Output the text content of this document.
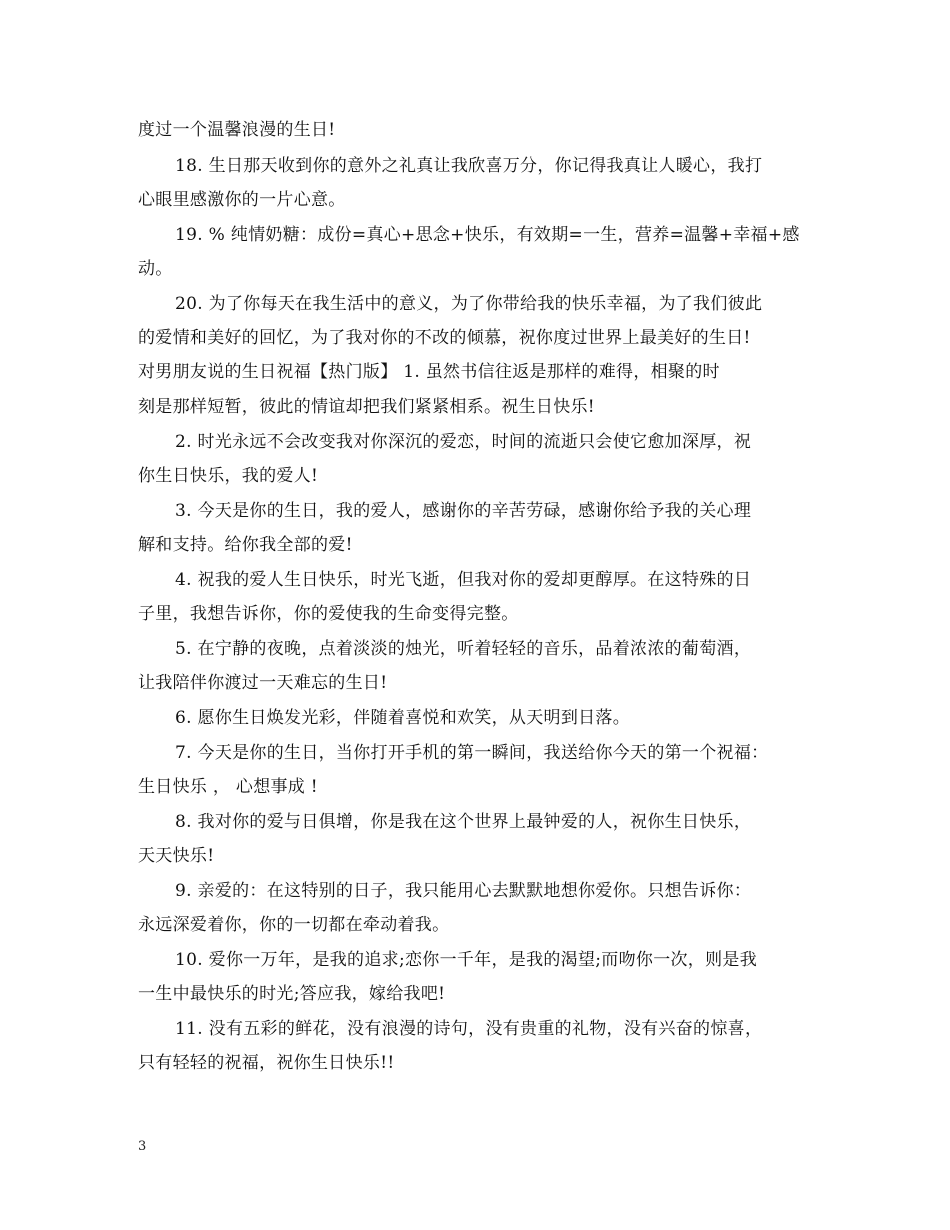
度过一个温馨浪漫的生日!
18. 生日那天收到你的意外之礼真让我欣喜万分，你记得我真让人暖心，我打
心眼里感激你的一片心意。
19. % 纯情奶糖：成份=真心+思念+快乐，有效期=一生，营养=温馨+幸福+感
动。
20. 为了你每天在我生活中的意义，为了你带给我的快乐幸福，为了我们彼此
的爱情和美好的回忆，为了我对你的不改的倾慕，祝你度过世界上最美好的生日!
对男朋友说的生日祝福【热门版】 1. 虽然书信往返是那样的难得，相聚的时
刻是那样短暂，彼此的情谊却把我们紧紧相系。祝生日快乐!
2. 时光永远不会改变我对你深沉的爱恋，时间的流逝只会使它愈加深厚，祝
你生日快乐，我的爱人!
3. 今天是你的生日，我的爱人，感谢你的辛苦劳碌，感谢你给予我的关心理
解和支持。给你我全部的爱!
4. 祝我的爱人生日快乐，时光飞逝，但我对你的爱却更醇厚。在这特殊的日
子里，我想告诉你，你的爱使我的生命变得完整。
5. 在宁静的夜晚，点着淡淡的烛光，听着轻轻的音乐，品着浓浓的葡萄酒，
让我陪伴你渡过一天难忘的生日!
6. 愿你生日焕发光彩，伴随着喜悦和欢笑，从天明到日落。
7. 今天是你的生日，当你打开手机的第一瞬间，我送给你今天的第一个祝福：
生日快乐 ， 心想事成 !
8. 我对你的爱与日俱增，你是我在这个世界上最钟爱的人，祝你生日快乐，
天天快乐!
9. 亲爱的：在这特别的日子，我只能用心去默默地想你爱你。只想告诉你：
永远深爱着你，你的一切都在牵动着我。
10. 爱你一万年，是我的追求;恋你一千年，是我的渴望;而吻你一次，则是我
一生中最快乐的时光;答应我，嫁给我吧!
11. 没有五彩的鲜花，没有浪漫的诗句，没有贵重的礼物，没有兴奋的惊喜，
只有轻轻的祝福，祝你生日快乐!!
3
